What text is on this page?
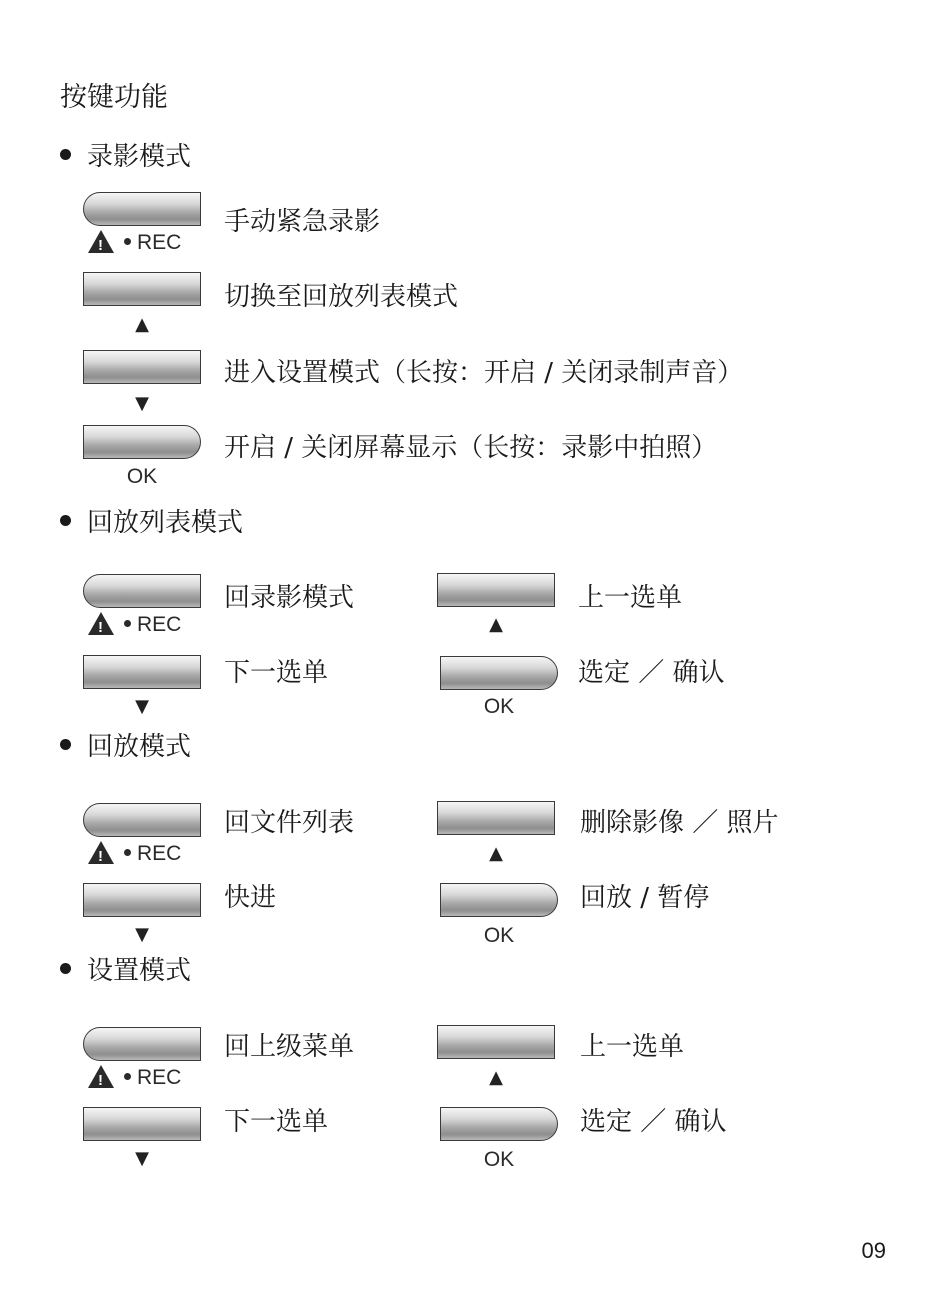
按键功能
录影模式
!REC
手动紧急录影
▲
切换至回放列表模式
▼
进入设置模式（长按：开启 / 关闭录制声音）
OK
开启 / 关闭屏幕显示（长按：录影中拍照）
回放列表模式
!REC
回录影模式
▼
下一选单
▲
上一选单
OK
选定 ／ 确认
回放模式
!REC
回文件列表
▼
快进
▲
删除影像 ／ 照片
OK
回放 / 暂停
设置模式
!REC
回上级菜单
▼
下一选单
▲
上一选单
OK
选定 ／ 确认
09
